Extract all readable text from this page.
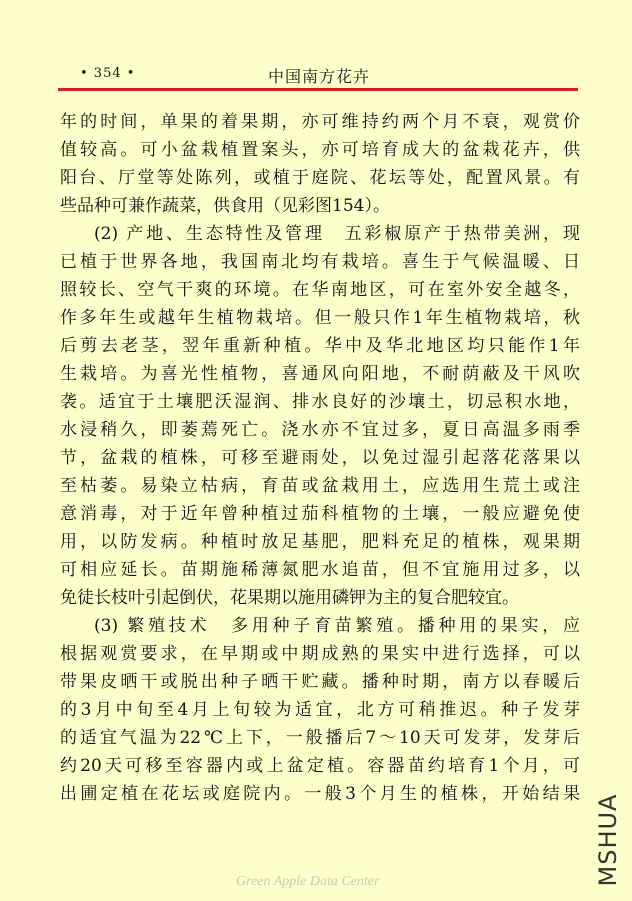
• 354 •	中国南方花卉
年的时间，单果的着果期，亦可维持约两个月不衰，观赏价
值较高。可小盆栽植置案头，亦可培育成大的盆栽花卉，供
阳台、厅堂等处陈列，或植于庭院、花坛等处，配置风景。有
些品种可兼作蔬菜，供食用（见彩图154）。
(2) 产地、生态特性及管理　五彩椒原产于热带美洲，现
已植于世界各地，我国南北均有栽培。喜生于气候温暖、日
照较长、空气干爽的环境。在华南地区，可在室外安全越冬，
作多年生或越年生植物栽培。但一般只作1年生植物栽培，秋
后剪去老茎，翌年重新种植。华中及华北地区均只能作1年
生栽培。为喜光性植物，喜通风向阳地，不耐荫蔽及干风吹
袭。适宜于土壤肥沃湿润、排水良好的沙壤土，切忌积水地，
水浸稍久，即萎蔫死亡。浇水亦不宜过多，夏日高温多雨季
节，盆栽的植株，可移至避雨处，以免过湿引起落花落果以
至枯萎。易染立枯病，育苗或盆栽用土，应选用生荒土或注
意消毒，对于近年曾种植过茄科植物的土壤，一般应避免使
用，以防发病。种植时放足基肥，肥料充足的植株，观果期
可相应延长。苗期施稀薄氮肥水追苗，但不宜施用过多，以
免徒长枝叶引起倒伏，花果期以施用磷钾为主的复合肥较宜。
(3) 繁殖技术　多用种子育苗繁殖。播种用的果实，应
根据观赏要求，在早期或中期成熟的果实中进行选择，可以
带果皮晒干或脱出种子晒干贮藏。播种时期，南方以春暖后
的3月中旬至4月上旬较为适宜，北方可稍推迟。种子发芽
的适宜气温为22℃上下，一般播后7～10天可发芽，发芽后
约20天可移至容器内或上盆定植。容器苗约培育1个月，可
出圃定植在花坛或庭院内。一般3个月生的植株，开始结果
Green Apple Data Center	MSHUA
